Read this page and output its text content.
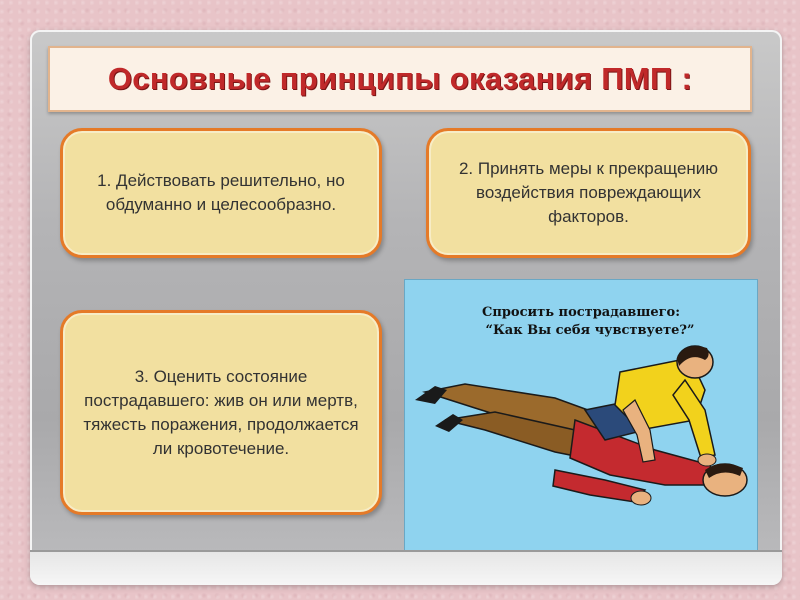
Основные принципы оказания ПМП :
1. Действовать решительно, но обдуманно и целесообразно.
2. Принять меры к прекращению воздействия повреждающих факторов.
3. Оценить состояние пострадавшего: жив он или мертв, тяжесть поражения, продолжается ли кровотечение.
Спросить пострадавшего:
“Как Вы себя чувствуете?”
